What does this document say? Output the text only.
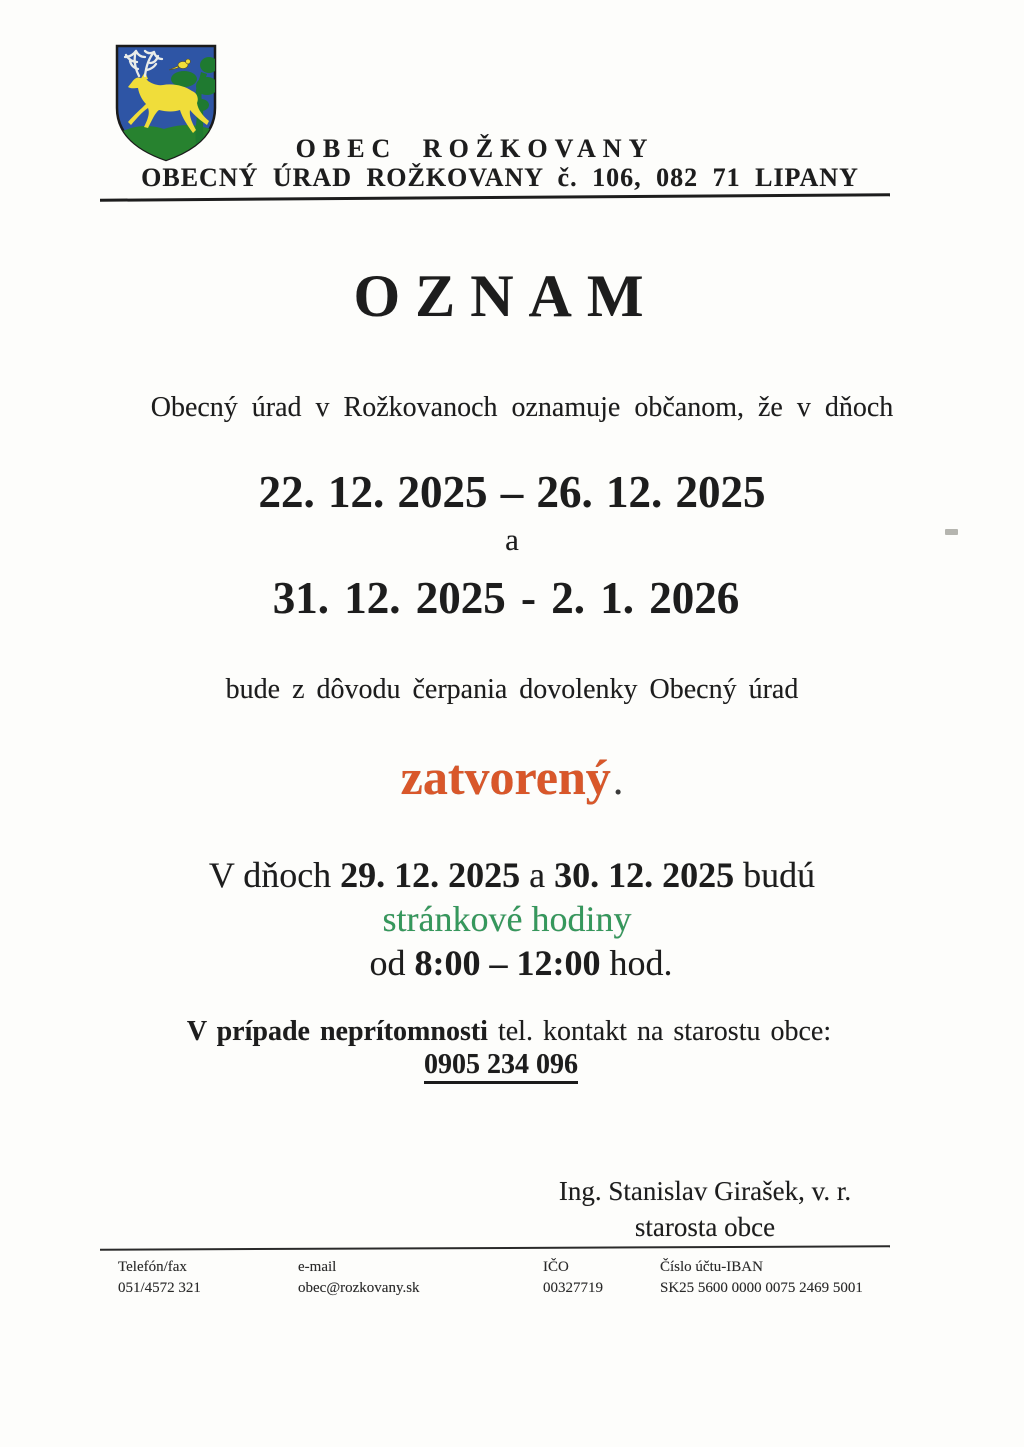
OBEC ROŽKOVANY
OBECNÝ ÚRAD ROŽKOVANY č. 106, 082 71 LIPANY
OZNAM
Obecný úrad v Rožkovanoch oznamuje občanom, že v dňoch
22. 12. 2025 – 26. 12. 2025
a
31. 12. 2025 - 2. 1. 2026
bude z dôvodu čerpania dovolenky Obecný úrad
zatvorený.
V dňoch 29. 12. 2025 a 30. 12. 2025 budú
stránkové hodiny
od 8:00 – 12:00 hod.
V prípade neprítomnosti tel. kontakt na starostu obce:
0905 234 096
Ing. Stanislav Girašek, v. r.
starosta obce
Telefón/fax
051/4572 321
e-mail
obec@rozkovany.sk
IČO
00327719
Číslo účtu-IBAN
SK25 5600 0000 0075 2469 5001
